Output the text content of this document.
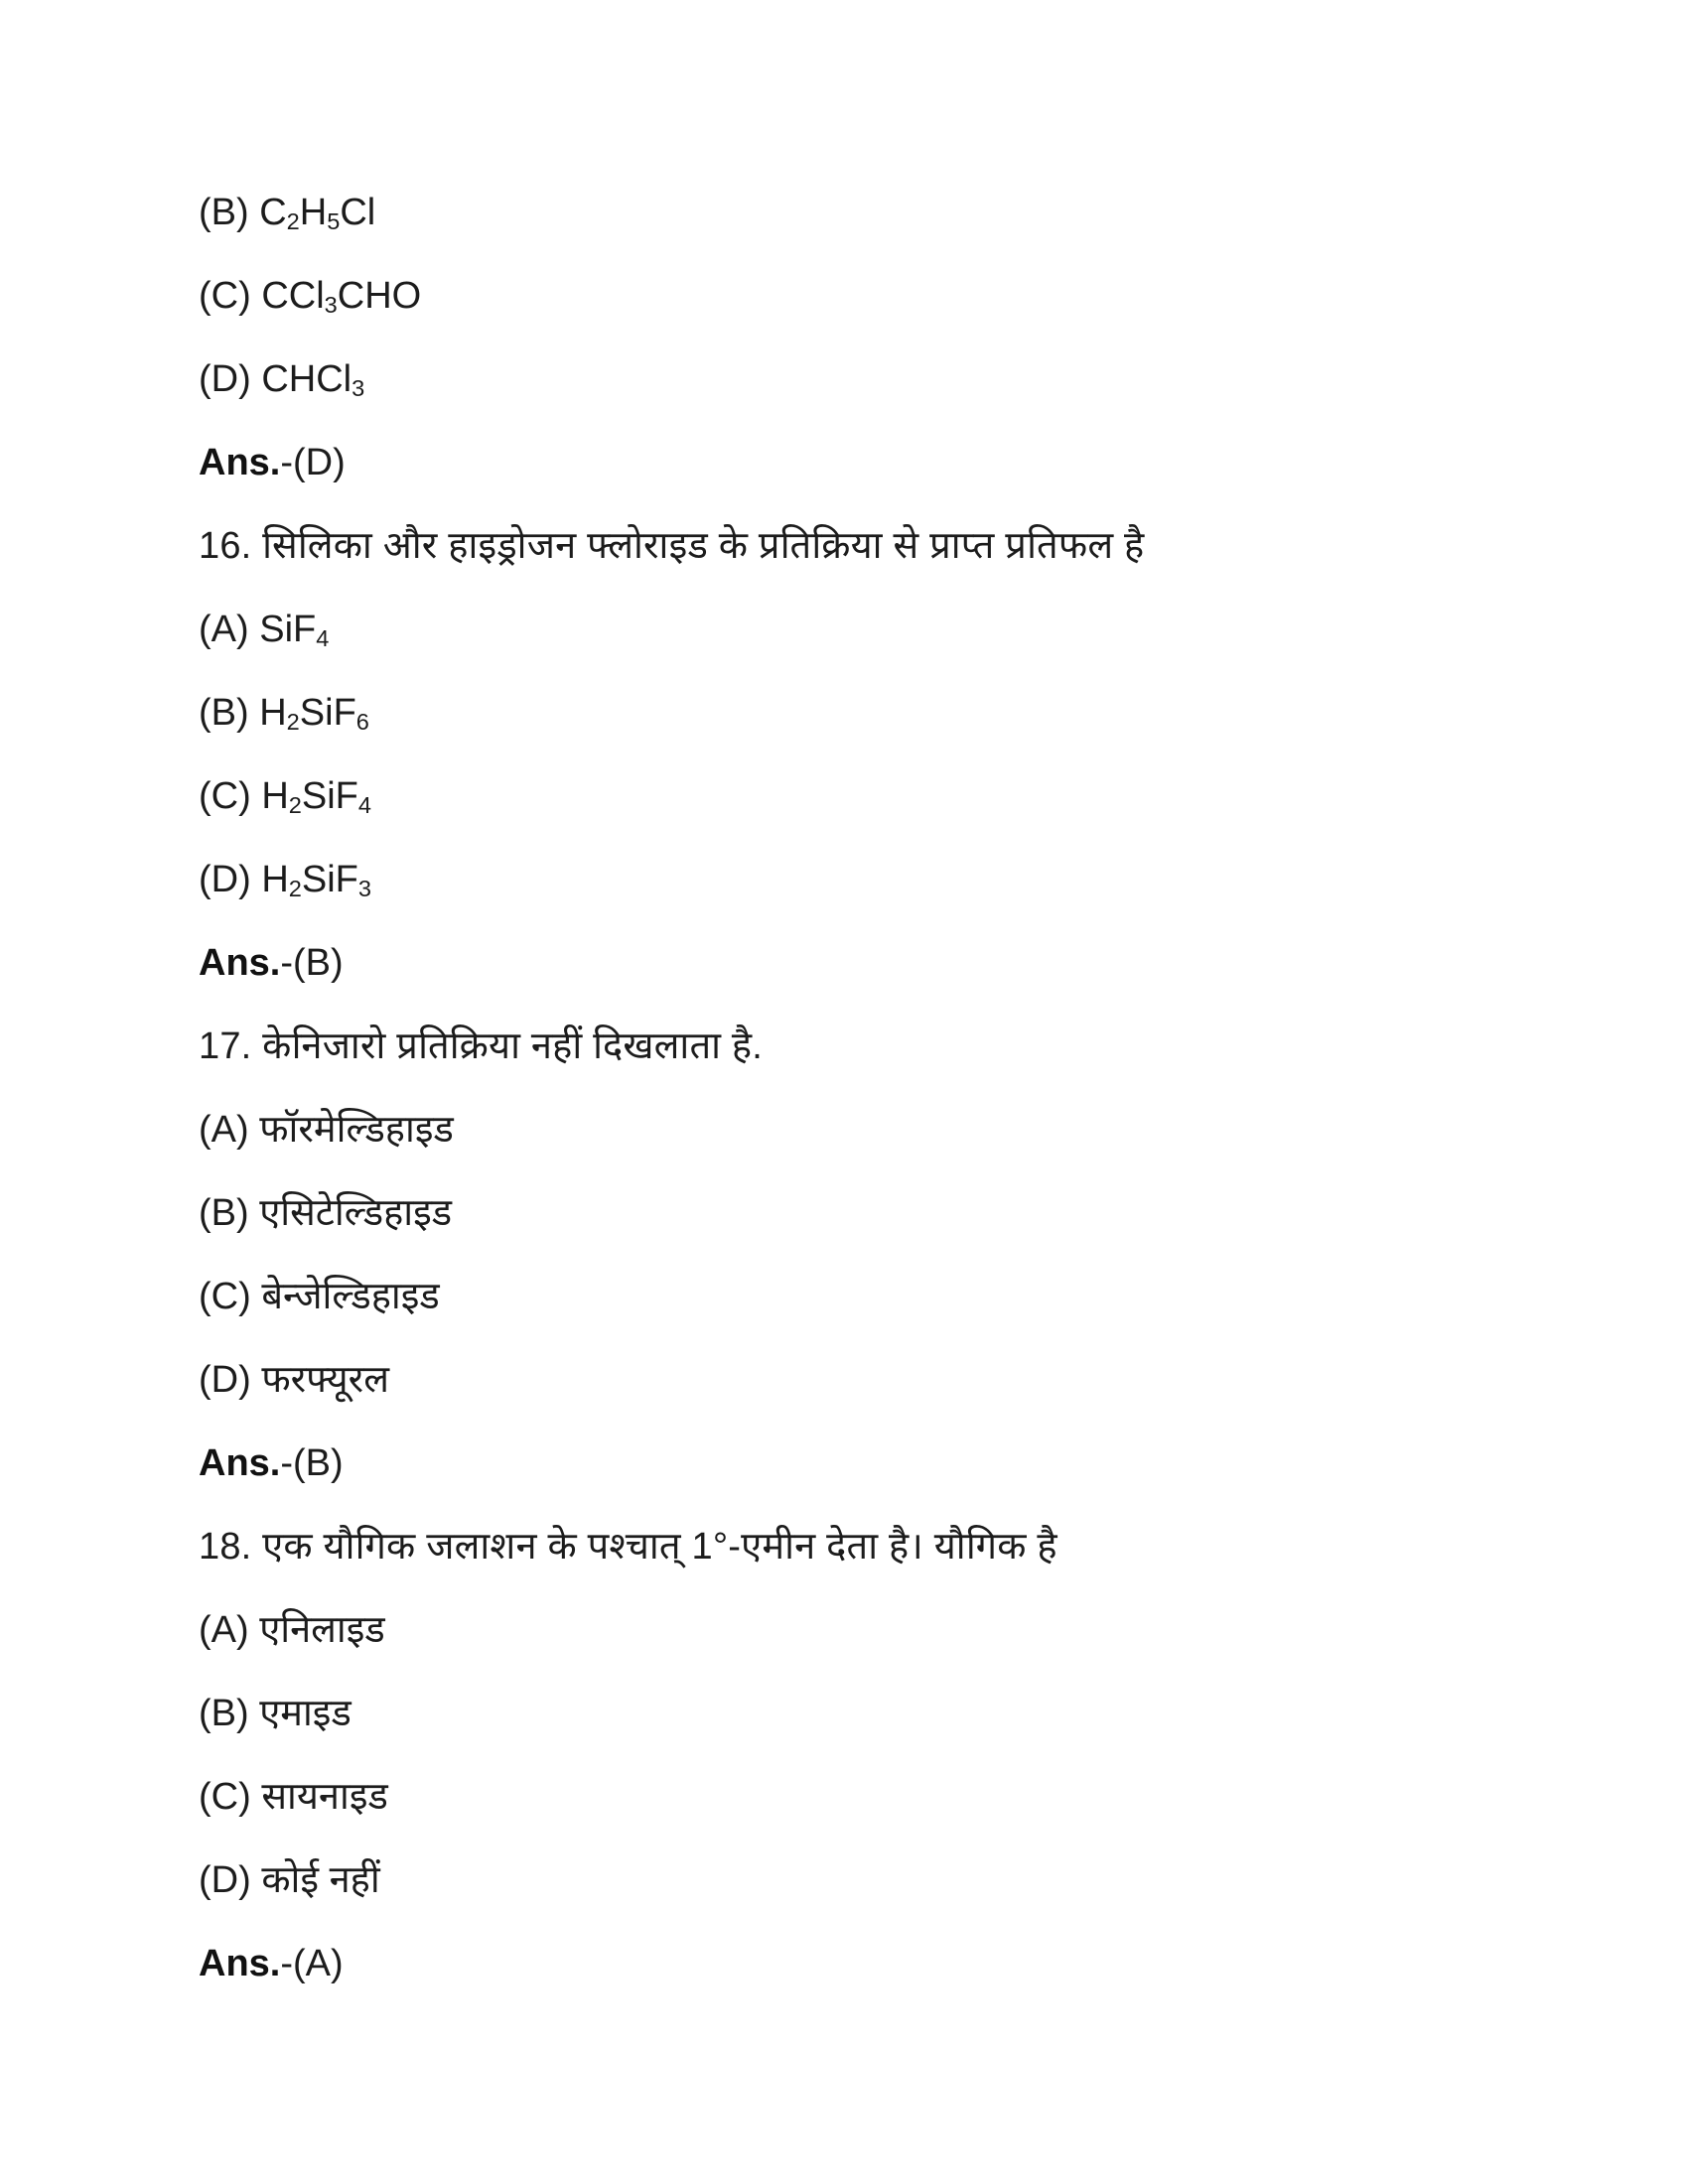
(B) $C_2H_5Cl$

(C) CCl$_3$CHO

(D) CHCl$_3$

Ans.-(D)

16. सिलिका और हाइड्रोजन फ्लोराइड के प्रतिक्रिया से प्राप्त प्रतिफल है

(A) SiF$_4$

(B) $H_2SiF_6$

(C) $H_2SiF_4$

(D) $H_2SiF_3$

Ans.-(B)

17. केनिजारो प्रतिक्रिया नहीं दिखलाता है.

(A) फॉरमेल्डिहाइड

(B) एसिटेल्डिहाइड

(C) बेन्जेल्डिहाइड

(D) फरफ्यूरल

Ans.-(B)

18. एक यौगिक जलाशन के पश्चात् 1°-एमीन देता है। यौगिक है

(A) एनिलाइड

(B) एमाइड

(C) सायनाइड

(D) कोई नहीं

Ans.-(A)
